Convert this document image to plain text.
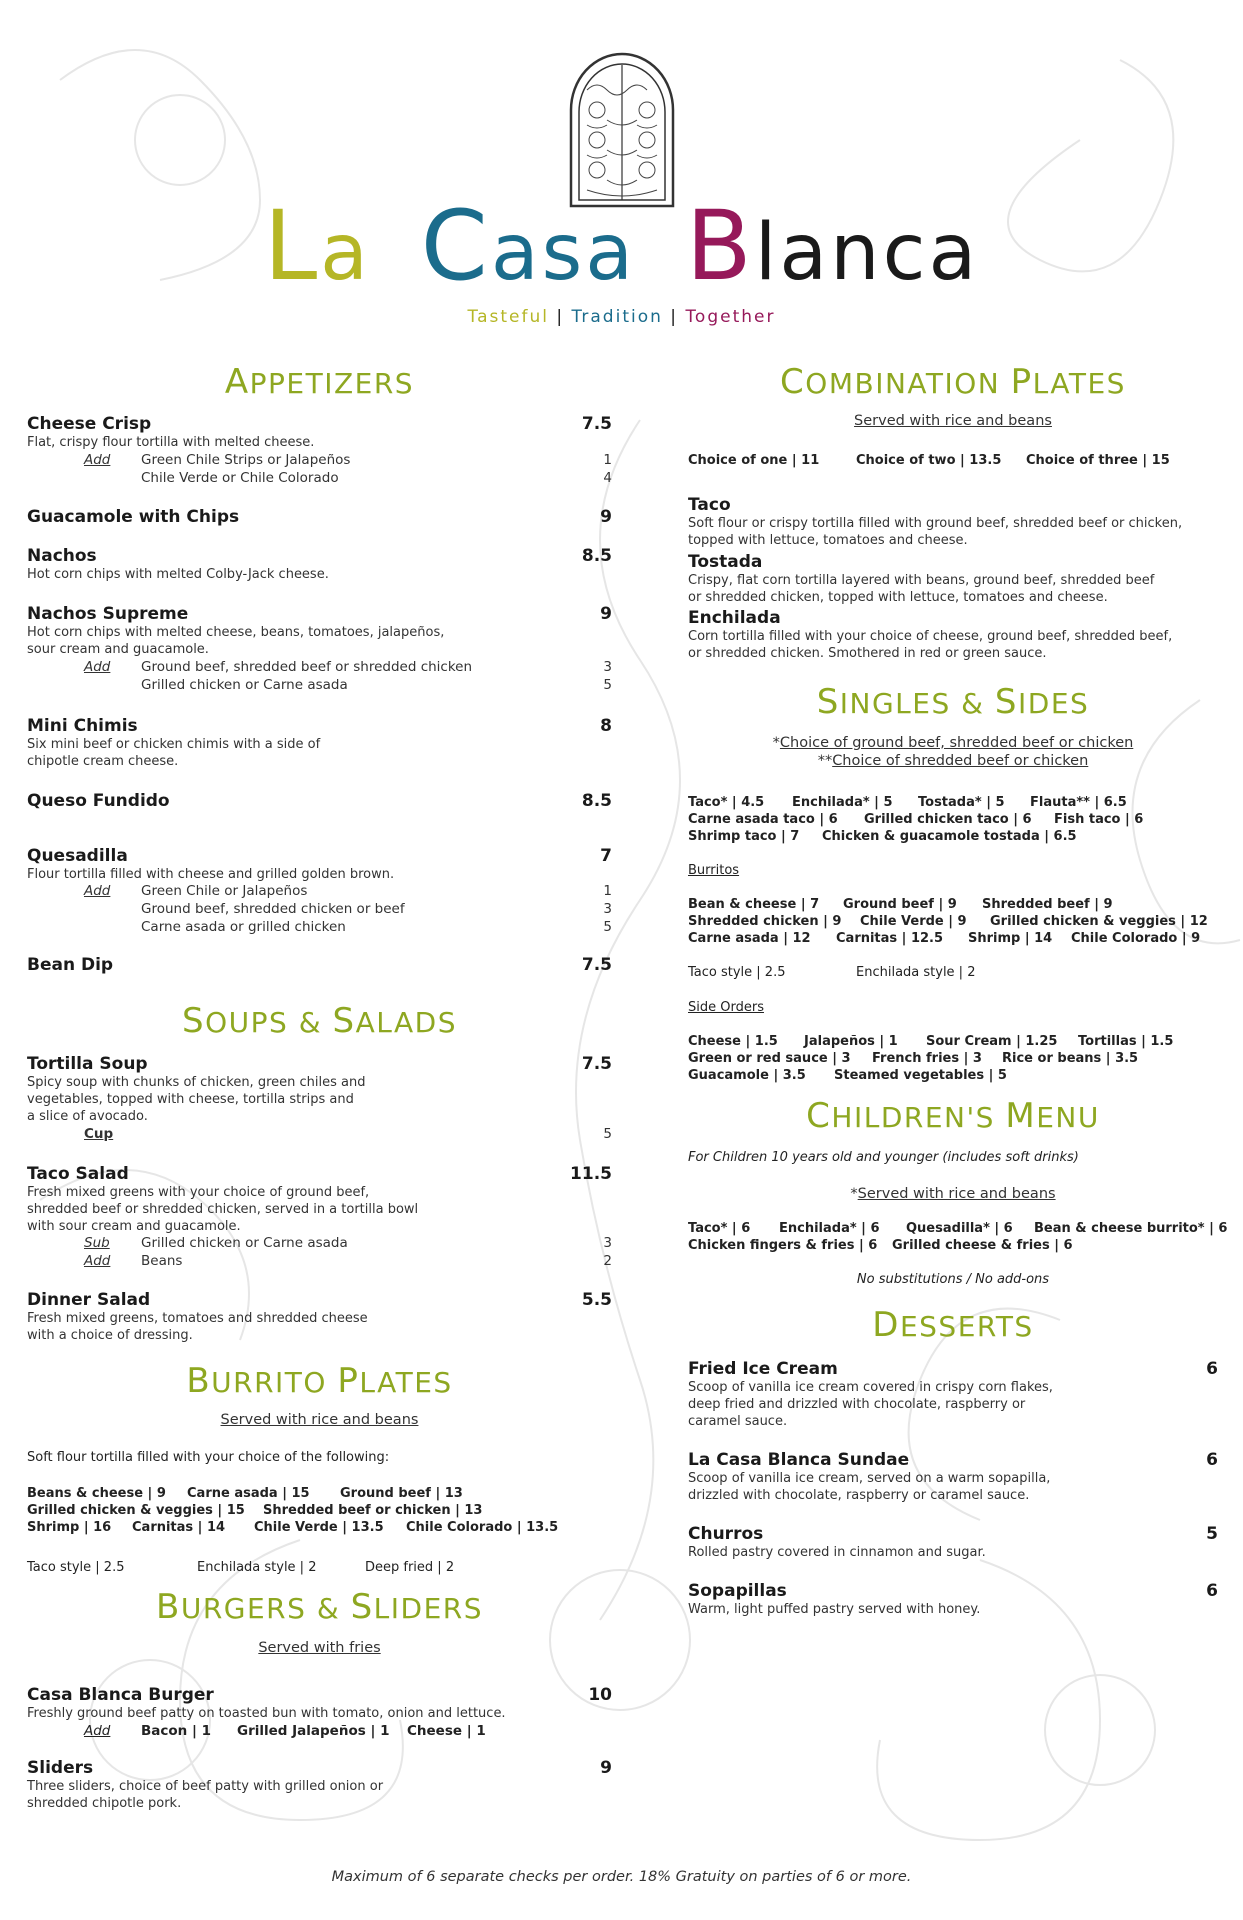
La Casa Blanca
Tasteful | Tradition | Together
APPETIZERS
Cheese Crisp	7.5
Flat, crispy flour tortilla with melted cheese.
Add Green Chile Strips or Jalapeños	1
Chile Verde or Chile Colorado	4
Guacamole with Chips	9
Nachos	8.5
Hot corn chips with melted Colby-Jack cheese.
Nachos Supreme	9
Hot corn chips with melted cheese, beans, tomatoes, jalapeños,
sour cream and guacamole.
Add Ground beef, shredded beef or shredded chicken	3
Grilled chicken or Carne asada	5
Mini Chimis	8
Six mini beef or chicken chimis with a side of
chipotle cream cheese.
Queso Fundido	8.5
Quesadilla	7
Flour tortilla filled with cheese and grilled golden brown.
Add Green Chile or Jalapeños	1
Ground beef, shredded chicken or beef	3
Carne asada or grilled chicken	5
Bean Dip	7.5
SOUPS & SALADS
Tortilla Soup	7.5
Spicy soup with chunks of chicken, green chiles and
vegetables, topped with cheese, tortilla strips and
a slice of avocado.
Cup	5
Taco Salad	11.5
Fresh mixed greens with your choice of ground beef,
shredded beef or shredded chicken, served in a tortilla bowl
with sour cream and guacamole.
Sub Grilled chicken or Carne asada	3
Add Beans	2
Dinner Salad	5.5
Fresh mixed greens, tomatoes and shredded cheese
with a choice of dressing.
BURRITO PLATES
Served with rice and beans
Soft flour tortilla filled with your choice of the following:
Beans & cheese | 9 Carne asada | 15 Ground beef | 13
Grilled chicken & veggies | 15 Shredded beef or chicken | 13
Shrimp | 16 Carnitas | 14 Chile Verde | 13.5 Chile Colorado | 13.5
Taco style | 2.5	Enchilada style | 2	Deep fried | 2
BURGERS & SLIDERS
Served with fries
Casa Blanca Burger	10
Freshly ground beef patty on toasted bun with tomato, onion and lettuce.
Add Bacon | 1 Grilled Jalapeños | 1 Cheese | 1
Sliders	9
Three sliders, choice of beef patty with grilled onion or
shredded chipotle pork.
COMBINATION PLATES
Served with rice and beans
Choice of one | 11	Choice of two | 13.5 Choice of three | 15
Taco
Soft flour or crispy tortilla filled with ground beef, shredded beef or chicken,
topped with lettuce, tomatoes and cheese.
Tostada
Crispy, flat corn tortilla layered with beans, ground beef, shredded beef
or shredded chicken, topped with lettuce, tomatoes and cheese.
Enchilada
Corn tortilla filled with your choice of cheese, ground beef, shredded beef,
or shredded chicken. Smothered in red or green sauce.
SINGLES & SIDES
*Choice of ground beef, shredded beef or chicken
**Choice of shredded beef or chicken
Taco* | 4.5 Enchilada* | 5 Tostada* | 5 Flauta** | 6.5
Carne asada taco | 6 Grilled chicken taco | 6 Fish taco | 6
Shrimp taco | 7 Chicken & guacamole tostada | 6.5
Burritos
Bean & cheese | 7 Ground beef | 9 Shredded beef | 9
Shredded chicken | 9 Chile Verde | 9 Grilled chicken & veggies | 12
Carne asada | 12 Carnitas | 12.5 Shrimp | 14 Chile Colorado | 9
Taco style | 2.5	Enchilada style | 2
Side Orders
Cheese | 1.5 Jalapeños | 1 Sour Cream | 1.25 Tortillas | 1.5
Green or red sauce | 3 French fries | 3 Rice or beans | 3.5
Guacamole | 3.5 Steamed vegetables | 5
CHILDREN'S MENU
For Children 10 years old and younger (includes soft drinks)
*Served with rice and beans
Taco* | 6 Enchilada* | 6 Quesadilla* | 6 Bean & cheese burrito* | 6
Chicken fingers & fries | 6 Grilled cheese & fries | 6
No substitutions / No add-ons
DESSERTS
Fried Ice Cream	6
Scoop of vanilla ice cream covered in crispy corn flakes,
deep fried and drizzled with chocolate, raspberry or
caramel sauce.
La Casa Blanca Sundae	6
Scoop of vanilla ice cream, served on a warm sopapilla,
drizzled with chocolate, raspberry or caramel sauce.
Churros	5
Rolled pastry covered in cinnamon and sugar.
Sopapillas	6
Warm, light puffed pastry served with honey.
Maximum of 6 separate checks per order. 18% Gratuity on parties of 6 or more.
